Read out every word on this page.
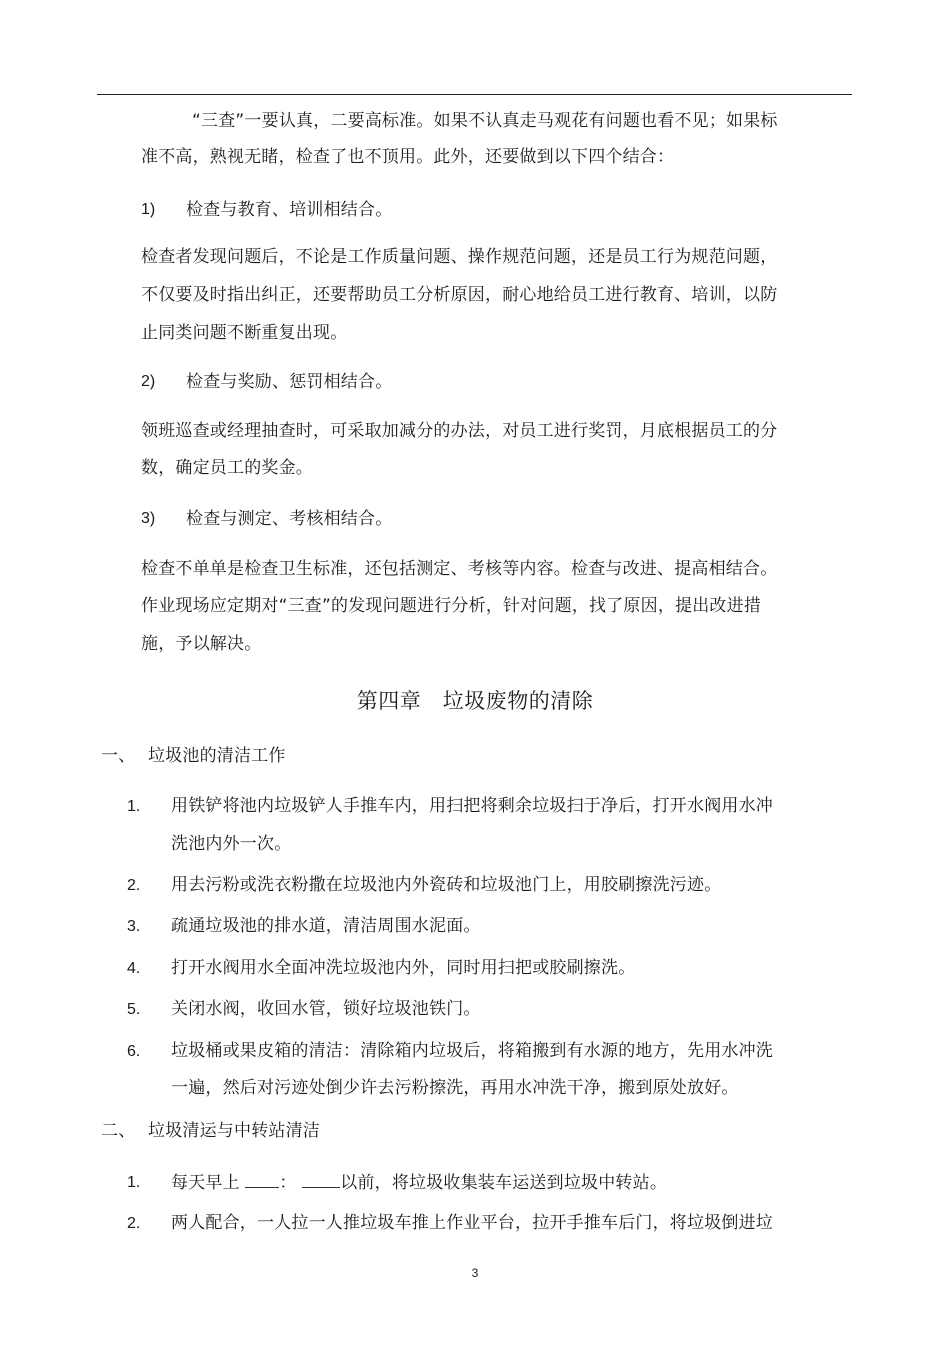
“三查”一要认真，二要高标准。如果不认真走马观花有问题也看不见；如果标
准不高，熟视无睹，检查了也不顶用。此外，还要做到以下四个结合：
1) 检查与教育、培训相结合。
检查者发现问题后，不论是工作质量问题、操作规范问题，还是员工行为规范问题，
不仅要及时指出纠正，还要帮助员工分析原因，耐心地给员工进行教育、培训，以防
止同类问题不断重复出现。
2) 检查与奖励、惩罚相结合。
领班巡查或经理抽查时，可采取加减分的办法，对员工进行奖罚，月底根据员工的分
数，确定员工的奖金。
3) 检查与测定、考核相结合。
检查不单单是检查卫生标准，还包括测定、考核等内容。检查与改进、提高相结合。
作业现场应定期对“三查”的发现问题进行分析，针对问题，找了原因，提出改进措
施，予以解决。
第四章　垃圾废物的清除
一、 垃圾池的清洁工作
1. 用铁铲将池内垃圾铲人手推车内，用扫把将剩余垃圾扫于净后，打开水阀用水冲
洗池内外一次。
2. 用去污粉或洗衣粉撒在垃圾池内外瓷砖和垃圾池门上，用胶刷擦洗污迹。
3. 疏通垃圾池的排水道，清洁周围水泥面。
4. 打开水阀用水全面冲洗垃圾池内外，同时用扫把或胶刷擦洗。
5. 关闭水阀，收回水管，锁好垃圾池铁门。
6. 垃圾桶或果皮箱的清洁：清除箱内垃圾后，将箱搬到有水源的地方，先用水冲洗
一遍，然后对污迹处倒少许去污粉擦洗，再用水冲洗干净，搬到原处放好。
二、 垃圾清运与中转站清洁
1. 每天早上 ：	以前，将垃圾收集装车运送到垃圾中转站。
2. 两人配合，一人拉一人推垃圾车推上作业平台，拉开手推车后门，将垃圾倒进垃
3
